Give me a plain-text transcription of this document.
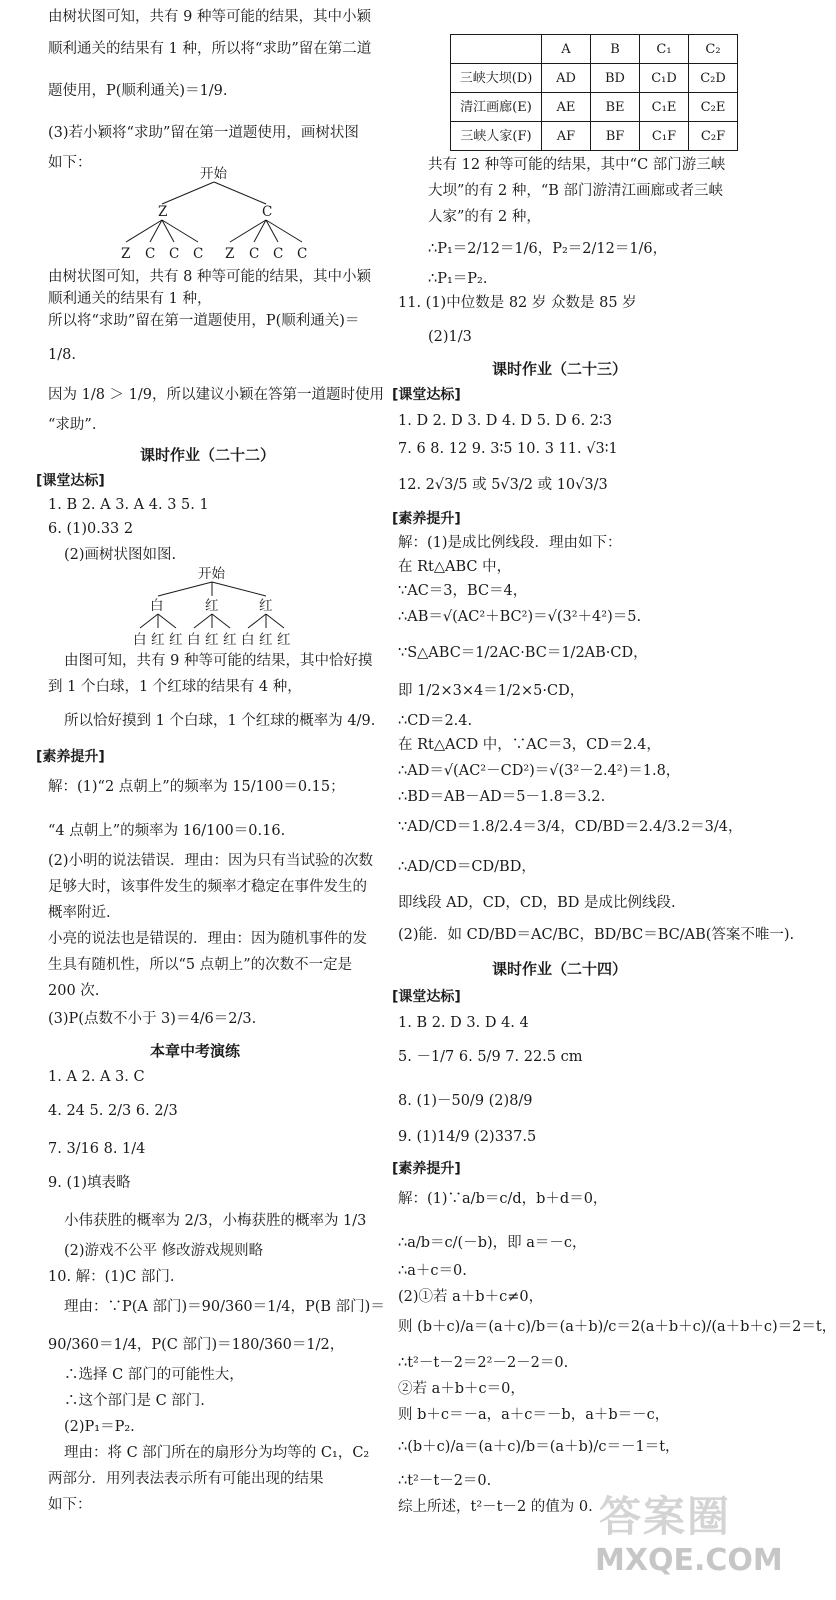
由树状图可知，共有 9 种等可能的结果，其中小颖
顺利通关的结果有 1 种，所以将“求助”留在第二道
题使用，P(顺利通关)＝1/9.
(3)若小颖将“求助”留在第一道题使用，画树状图
如下：
开始
Z	C
Z C C C Z C C C
由树状图可知，共有 8 种等可能的结果，其中小颖
顺利通关的结果有 1 种，
所以将“求助”留在第一道题使用，P(顺利通关)＝
1/8.
因为 1/8 ＞ 1/9，所以建议小颖在答第一道题时使用
“求助”.
课时作业（二十二）
[课堂达标]
1. B 2. A 3. A 4. 3 5. 1
6. (1)0.33 2
(2)画树状图如图.
开始
白	红	红
白 红 红 白 红 红 白 红 红
由图可知，共有 9 种等可能的结果，其中恰好摸
到 1 个白球，1 个红球的结果有 4 种，
所以恰好摸到 1 个白球，1 个红球的概率为 4/9.
[素养提升]
解：(1)“2 点朝上”的频率为 15/100＝0.15；
“4 点朝上”的频率为 16/100＝0.16.
(2)小明的说法错误．理由：因为只有当试验的次数
足够大时，该事件发生的频率才稳定在事件发生的
概率附近.
小亮的说法也是错误的．理由：因为随机事件的发
生具有随机性，所以“5 点朝上”的次数不一定是
200 次.
(3)P(点数不小于 3)＝4/6＝2/3.
本章中考演练
1. A 2. A 3. C
4. 24 5. 2/3 6. 2/3
7. 3/16 8. 1/4
9. (1)填表略
小伟获胜的概率为 2/3，小梅获胜的概率为 1/3
(2)游戏不公平 修改游戏规则略
10. 解：(1)C 部门.
理由：∵P(A 部门)＝90/360＝1/4，P(B 部门)＝
90/360＝1/4，P(C 部门)＝180/360＝1/2，
∴选择 C 部门的可能性大，
∴这个部门是 C 部门.
(2)P₁＝P₂.
理由：将 C 部门所在的扇形分为均等的 C₁，C₂
两部分．用列表法表示所有可能出现的结果
如下：
	A	B	C₁	C₂
三峡大坝(D)	AD	BD	C₁D	C₂D
清江画廊(E)	AE	BE	C₁E	C₂E
三峡人家(F)	AF	BF	C₁F	C₂F
共有 12 种等可能的结果，其中“C 部门游三峡
大坝”的有 2 种，“B 部门游清江画廊或者三峡
人家”的有 2 种，
∴P₁＝2/12＝1/6，P₂＝2/12＝1/6，
∴P₁＝P₂.
11. (1)中位数是 82 岁 众数是 85 岁
(2)1/3
课时作业（二十三）
[课堂达标]
1. D 2. D 3. D 4. D 5. D 6. 2∶3
7. 6 8. 12 9. 3∶5 10. 3 11. √3∶1
12. 2√3/5 或 5√3/2 或 10√3/3
[素养提升]
解：(1)是成比例线段．理由如下：
在 Rt△ABC 中，
∵AC＝3，BC＝4，
∴AB＝√(AC²＋BC²)＝√(3²＋4²)＝5.
∵S△ABC＝1/2AC·BC＝1/2AB·CD，
即 1/2×3×4＝1/2×5·CD，
∴CD＝2.4.
在 Rt△ACD 中，∵AC＝3，CD＝2.4，
∴AD＝√(AC²－CD²)＝√(3²－2.4²)＝1.8，
∴BD＝AB－AD＝5－1.8＝3.2.
∵AD/CD＝1.8/2.4＝3/4，CD/BD＝2.4/3.2＝3/4，
∴AD/CD＝CD/BD，
即线段 AD，CD，CD，BD 是成比例线段.
(2)能．如 CD/BD＝AC/BC，BD/BC＝BC/AB(答案不唯一).
课时作业（二十四）
[课堂达标]
1. B 2. D 3. D 4. 4
5. －1/7 6. 5/9 7. 22.5 cm
8. (1)－50/9 (2)8/9
9. (1)14/9 (2)337.5
[素养提升]
解：(1)∵a/b＝c/d，b＋d＝0，
∴a/b＝c/(－b)，即 a＝－c，
∴a＋c＝0.
(2)①若 a＋b＋c≠0，
则 (b＋c)/a＝(a＋c)/b＝(a＋b)/c＝2(a＋b＋c)/(a＋b＋c)＝2＝t，
∴t²－t－2＝2²－2－2＝0.
②若 a＋b＋c＝0，
则 b＋c＝－a，a＋c＝－b，a＋b＝－c，
∴(b＋c)/a＝(a＋c)/b＝(a＋b)/c＝－1＝t，
∴t²－t－2＝0.
综上所述，t²－t－2 的值为 0. 答案圈
MXQE.COM
